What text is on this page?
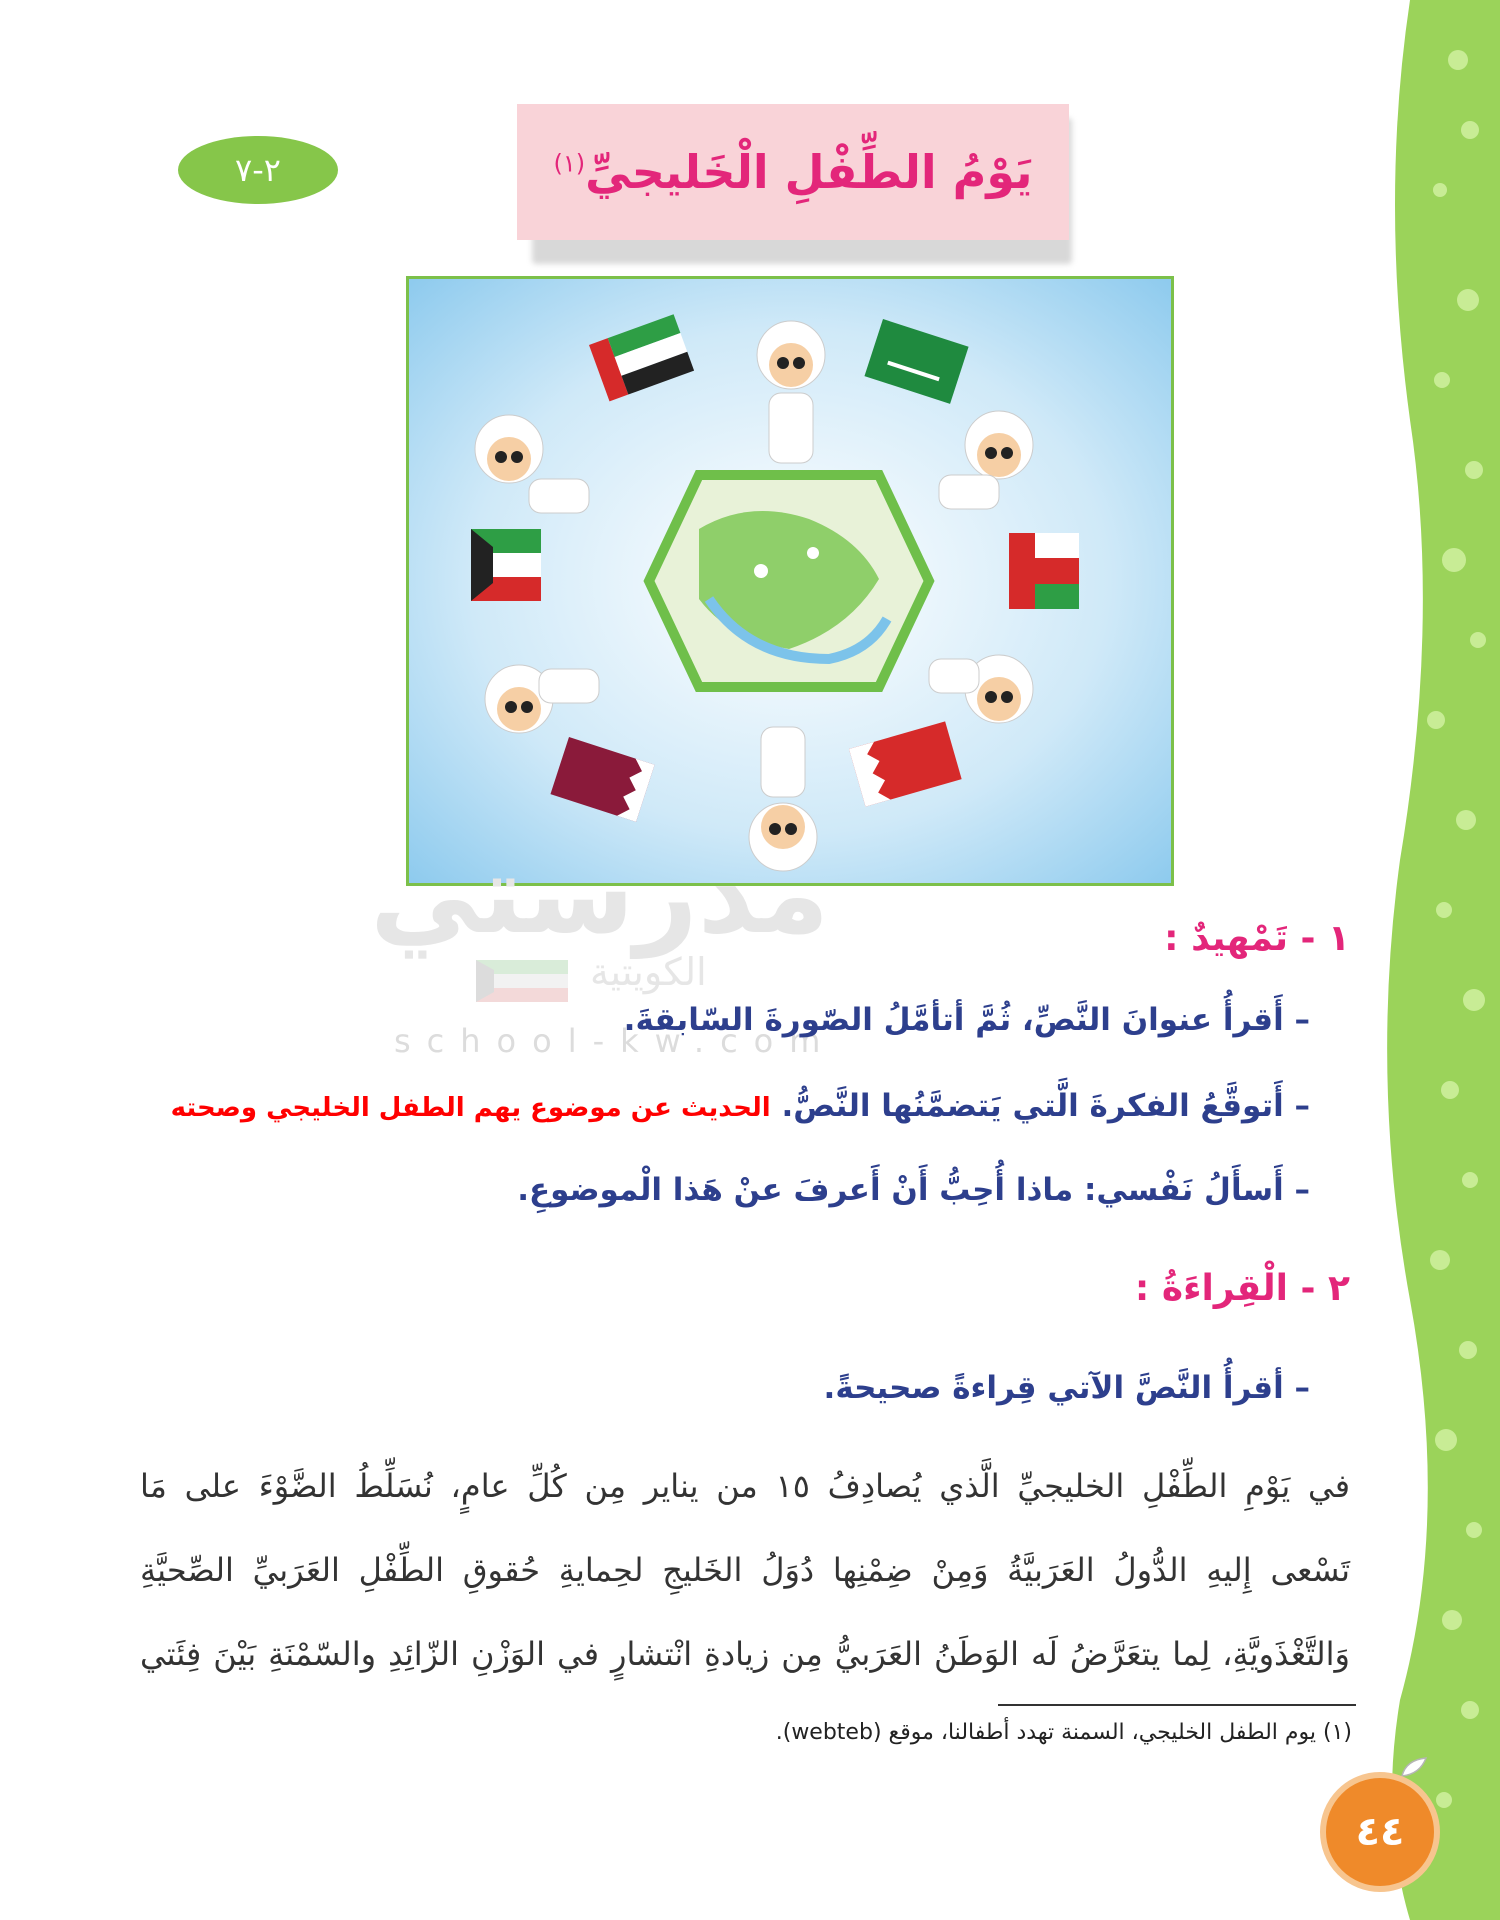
يَوْمُ الطِّفْلِ الْخَليجيِّ$^{(١)}$
٢-٧
مدرستي
الكويتية
school-kw.com
١ - تَمْهيدٌ :
– أَقرأُ عنوانَ النَّصِّ، ثُمَّ أتأمَّلُ الصّورةَ السّابقةَ.
– أَتوقَّعُ الفكرةَ الَّتي يَتضمَّنُها النَّصُّ. الحديث عن موضوع يهم الطفل الخليجي وصحته
– أَسأَلُ نَفْسي: ماذا أُحِبُّ أَنْ أَعرفَ عنْ هَذا الْموضوعِ.
٢ - الْقِراءَةُ :
– أقرأُ النَّصَّ الآتي قِراءةً صحيحةً.
في يَوْمِ الطِّفْلِ الخليجيِّ الَّذي يُصادِفُ ١٥ من يناير مِن كُلِّ عامٍ، نُسَلِّطُ الضَّوْءَ على مَا
تَسْعى إِليهِ الدُّولُ العَرَبيَّةُ وَمِنْ ضِمْنِها دُوَلُ الخَليجِ لحِمايةِ حُقوقِ الطِّفْلِ العَرَبيِّ الصِّحيَّةِ
وَالتَّغْذَويَّةِ، لِما يتعَرَّضُ لَه الوَطَنُ العَرَبيُّ مِن زيادةِ انْتشارٍ في الوَزْنِ الزّائِدِ والسّمْنَةِ بَيْنَ فِئَتي
(١) يوم الطفل الخليجي، السمنة تهدد أطفالنا، موقع (webteb).
٤٤
